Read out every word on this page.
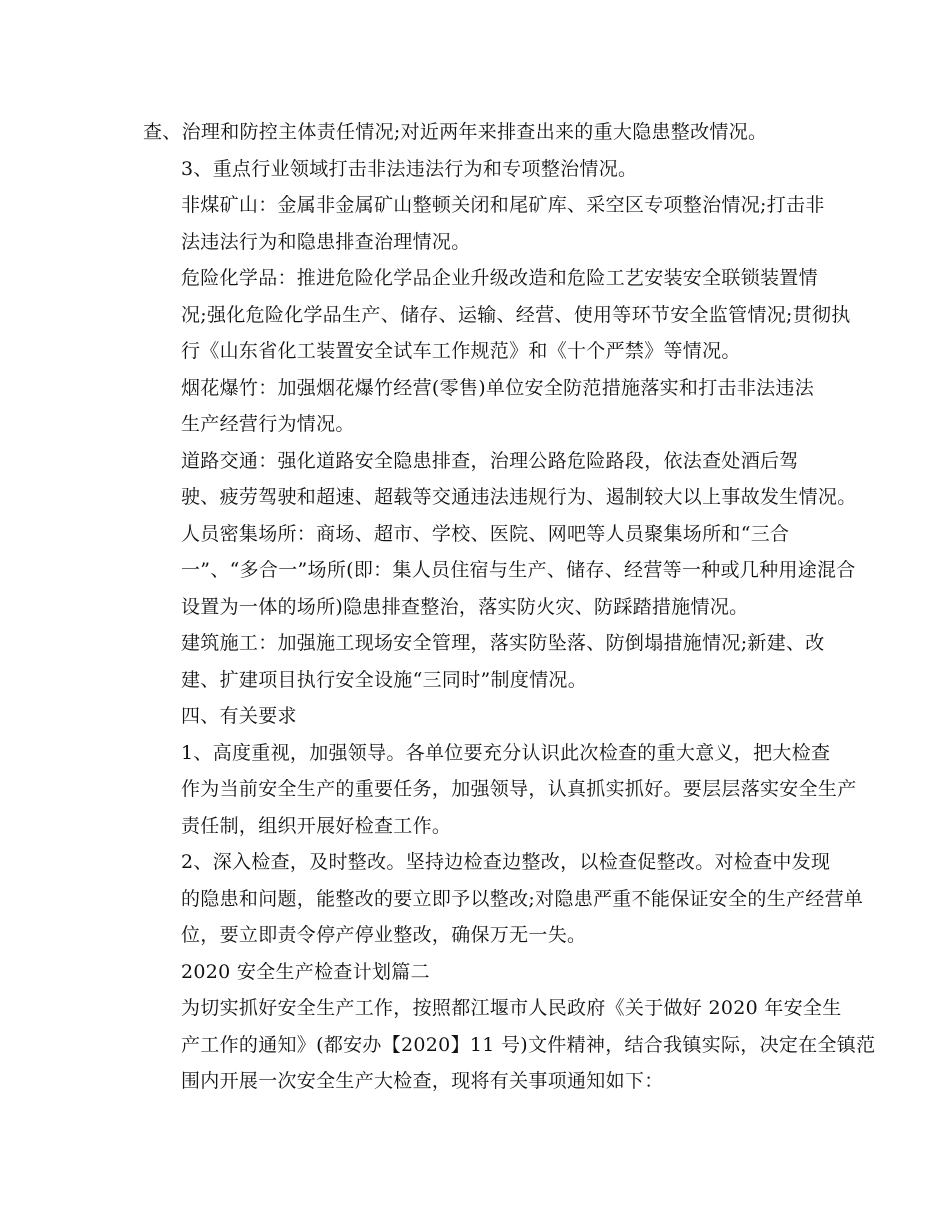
查、治理和防控主体责任情况;对近两年来排查出来的重大隐患整改情况。

3、重点行业领域打击非法违法行为和专项整治情况。

非煤矿山：金属非金属矿山整顿关闭和尾矿库、采空区专项整治情况;打击非
法违法行为和隐患排查治理情况。

危险化学品：推进危险化学品企业升级改造和危险工艺安装安全联锁装置情
况;强化危险化学品生产、储存、运输、经营、使用等环节安全监管情况;贯彻执
行《山东省化工装置安全试车工作规范》和《十个严禁》等情况。

烟花爆竹：加强烟花爆竹经营(零售)单位安全防范措施落实和打击非法违法
生产经营行为情况。

道路交通：强化道路安全隐患排查，治理公路危险路段，依法查处酒后驾
驶、疲劳驾驶和超速、超载等交通违法违规行为、遏制较大以上事故发生情况。

人员密集场所：商场、超市、学校、医院、网吧等人员聚集场所和“三合
一”、“多合一”场所(即：集人员住宿与生产、储存、经营等一种或几种用途混合
设置为一体的场所)隐患排查整治，落实防火灾、防踩踏措施情况。

建筑施工：加强施工现场安全管理，落实防坠落、防倒塌措施情况;新建、改
建、扩建项目执行安全设施“三同时”制度情况。

四、有关要求

1、高度重视，加强领导。各单位要充分认识此次检查的重大意义，把大检查
作为当前安全生产的重要任务，加强领导，认真抓实抓好。要层层落实安全生产
责任制，组织开展好检查工作。

2、深入检查，及时整改。坚持边检查边整改，以检查促整改。对检查中发现
的隐患和问题，能整改的要立即予以整改;对隐患严重不能保证安全的生产经营单
位，要立即责令停产停业整改，确保万无一失。

2020 安全生产检查计划篇二

为切实抓好安全生产工作，按照都江堰市人民政府《关于做好 2020 年安全生
产工作的通知》(都安办【2020】11 号)文件精神，结合我镇实际，决定在全镇范
围内开展一次安全生产大检查，现将有关事项通知如下：
